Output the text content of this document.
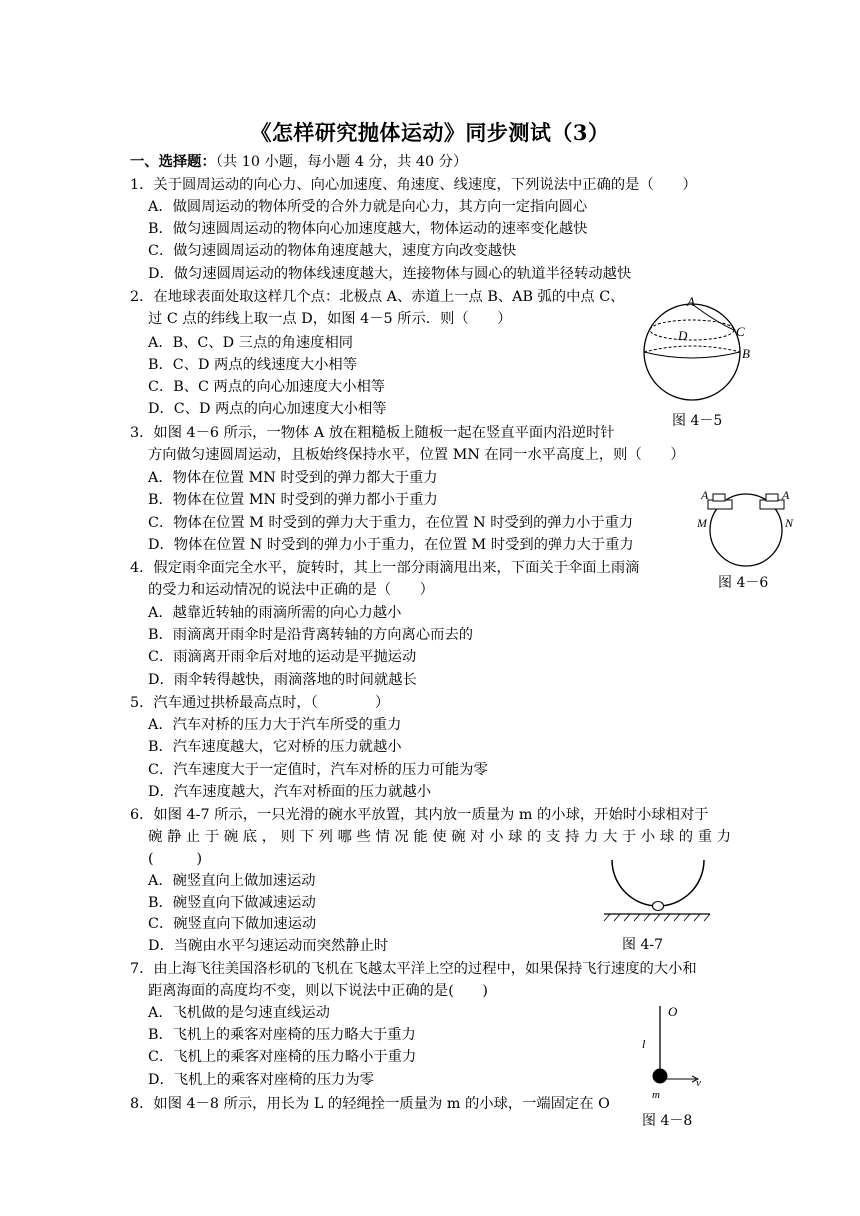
《怎样研究抛体运动》同步测试（3）
一、选择题：（共 10 小题，每小题 4 分，共 40 分）
1．关于圆周运动的向心力、向心加速度、角速度、线速度，下列说法中正确的是（　　）
A．做圆周运动的物体所受的合外力就是向心力，其方向一定指向圆心
B．做匀速圆周运动的物体向心加速度越大，物体运动的速率变化越快
C．做匀速圆周运动的物体角速度越大，速度方向改变越快
D．做匀速圆周运动的物体线速度越大，连接物体与圆心的轨道半径转动越快
2．在地球表面处取这样几个点：北极点 A、赤道上一点 B、AB 弧的中点 C、
过 C 点的纬线上取一点 D，如图 4－5 所示．则（　　）
A．B、C、D 三点的角速度相同
B．C、D 两点的线速度大小相等
C．B、C 两点的向心加速度大小相等
D．C、D 两点的向心加速度大小相等
A
C
D
B
图 4－5
3．如图 4－6 所示，一物体 A 放在粗糙板上随板一起在竖直平面内沿逆时针
方向做匀速圆周运动，且板始终保持水平，位置 MN 在同一水平高度上，则（　　）
A．物体在位置 MN 时受到的弹力都大于重力
B．物体在位置 MN 时受到的弹力都小于重力
C．物体在位置 M 时受到的弹力大于重力，在位置 N 时受到的弹力小于重力
D．物体在位置 N 时受到的弹力小于重力，在位置 M 时受到的弹力大于重力
A	A
M	N
图 4－6
4．假定雨伞面完全水平，旋转时，其上一部分雨滴甩出来，下面关于伞面上雨滴
的受力和运动情况的说法中正确的是（　　）
A．越靠近转轴的雨滴所需的向心力越小
B．雨滴离开雨伞时是沿背离转轴的方向离心而去的
C．雨滴离开雨伞后对地的运动是平抛运动
D．雨伞转得越快，雨滴落地的时间就越长
5．汽车通过拱桥最高点时，（　　　　）
A．汽车对桥的压力大于汽车所受的重力
B．汽车速度越大，它对桥的压力就越小
C．汽车速度大于一定值时，汽车对桥的压力可能为零
D．汽车速度越大，汽车对桥面的压力就越小
6．如图 4-7 所示，一只光滑的碗水平放置，其内放一质量为 m 的小球，开始时小球相对于
碗静止于碗底，则下列哪些情况能使碗对小球的支持力大于小球的重力
(　　　)
A．碗竖直向上做加速运动
B．碗竖直向下做减速运动
C．碗竖直向下做加速运动
D．当碗由水平匀速运动而突然静止时	图 4-7
7．由上海飞往美国洛杉矶的飞机在飞越太平洋上空的过程中，如果保持飞行速度的大小和
距离海面的高度均不变，则以下说法中正确的是(　　)
A．飞机做的是匀速直线运动
B．飞机上的乘客对座椅的压力略大于重力
C．飞机上的乘客对座椅的压力略小于重力
D．飞机上的乘客对座椅的压力为零
8．如图 4－8 所示，用长为 L 的轻绳拴一质量为 m 的小球，一端固定在 O
O
l
m
v
图 4－8
